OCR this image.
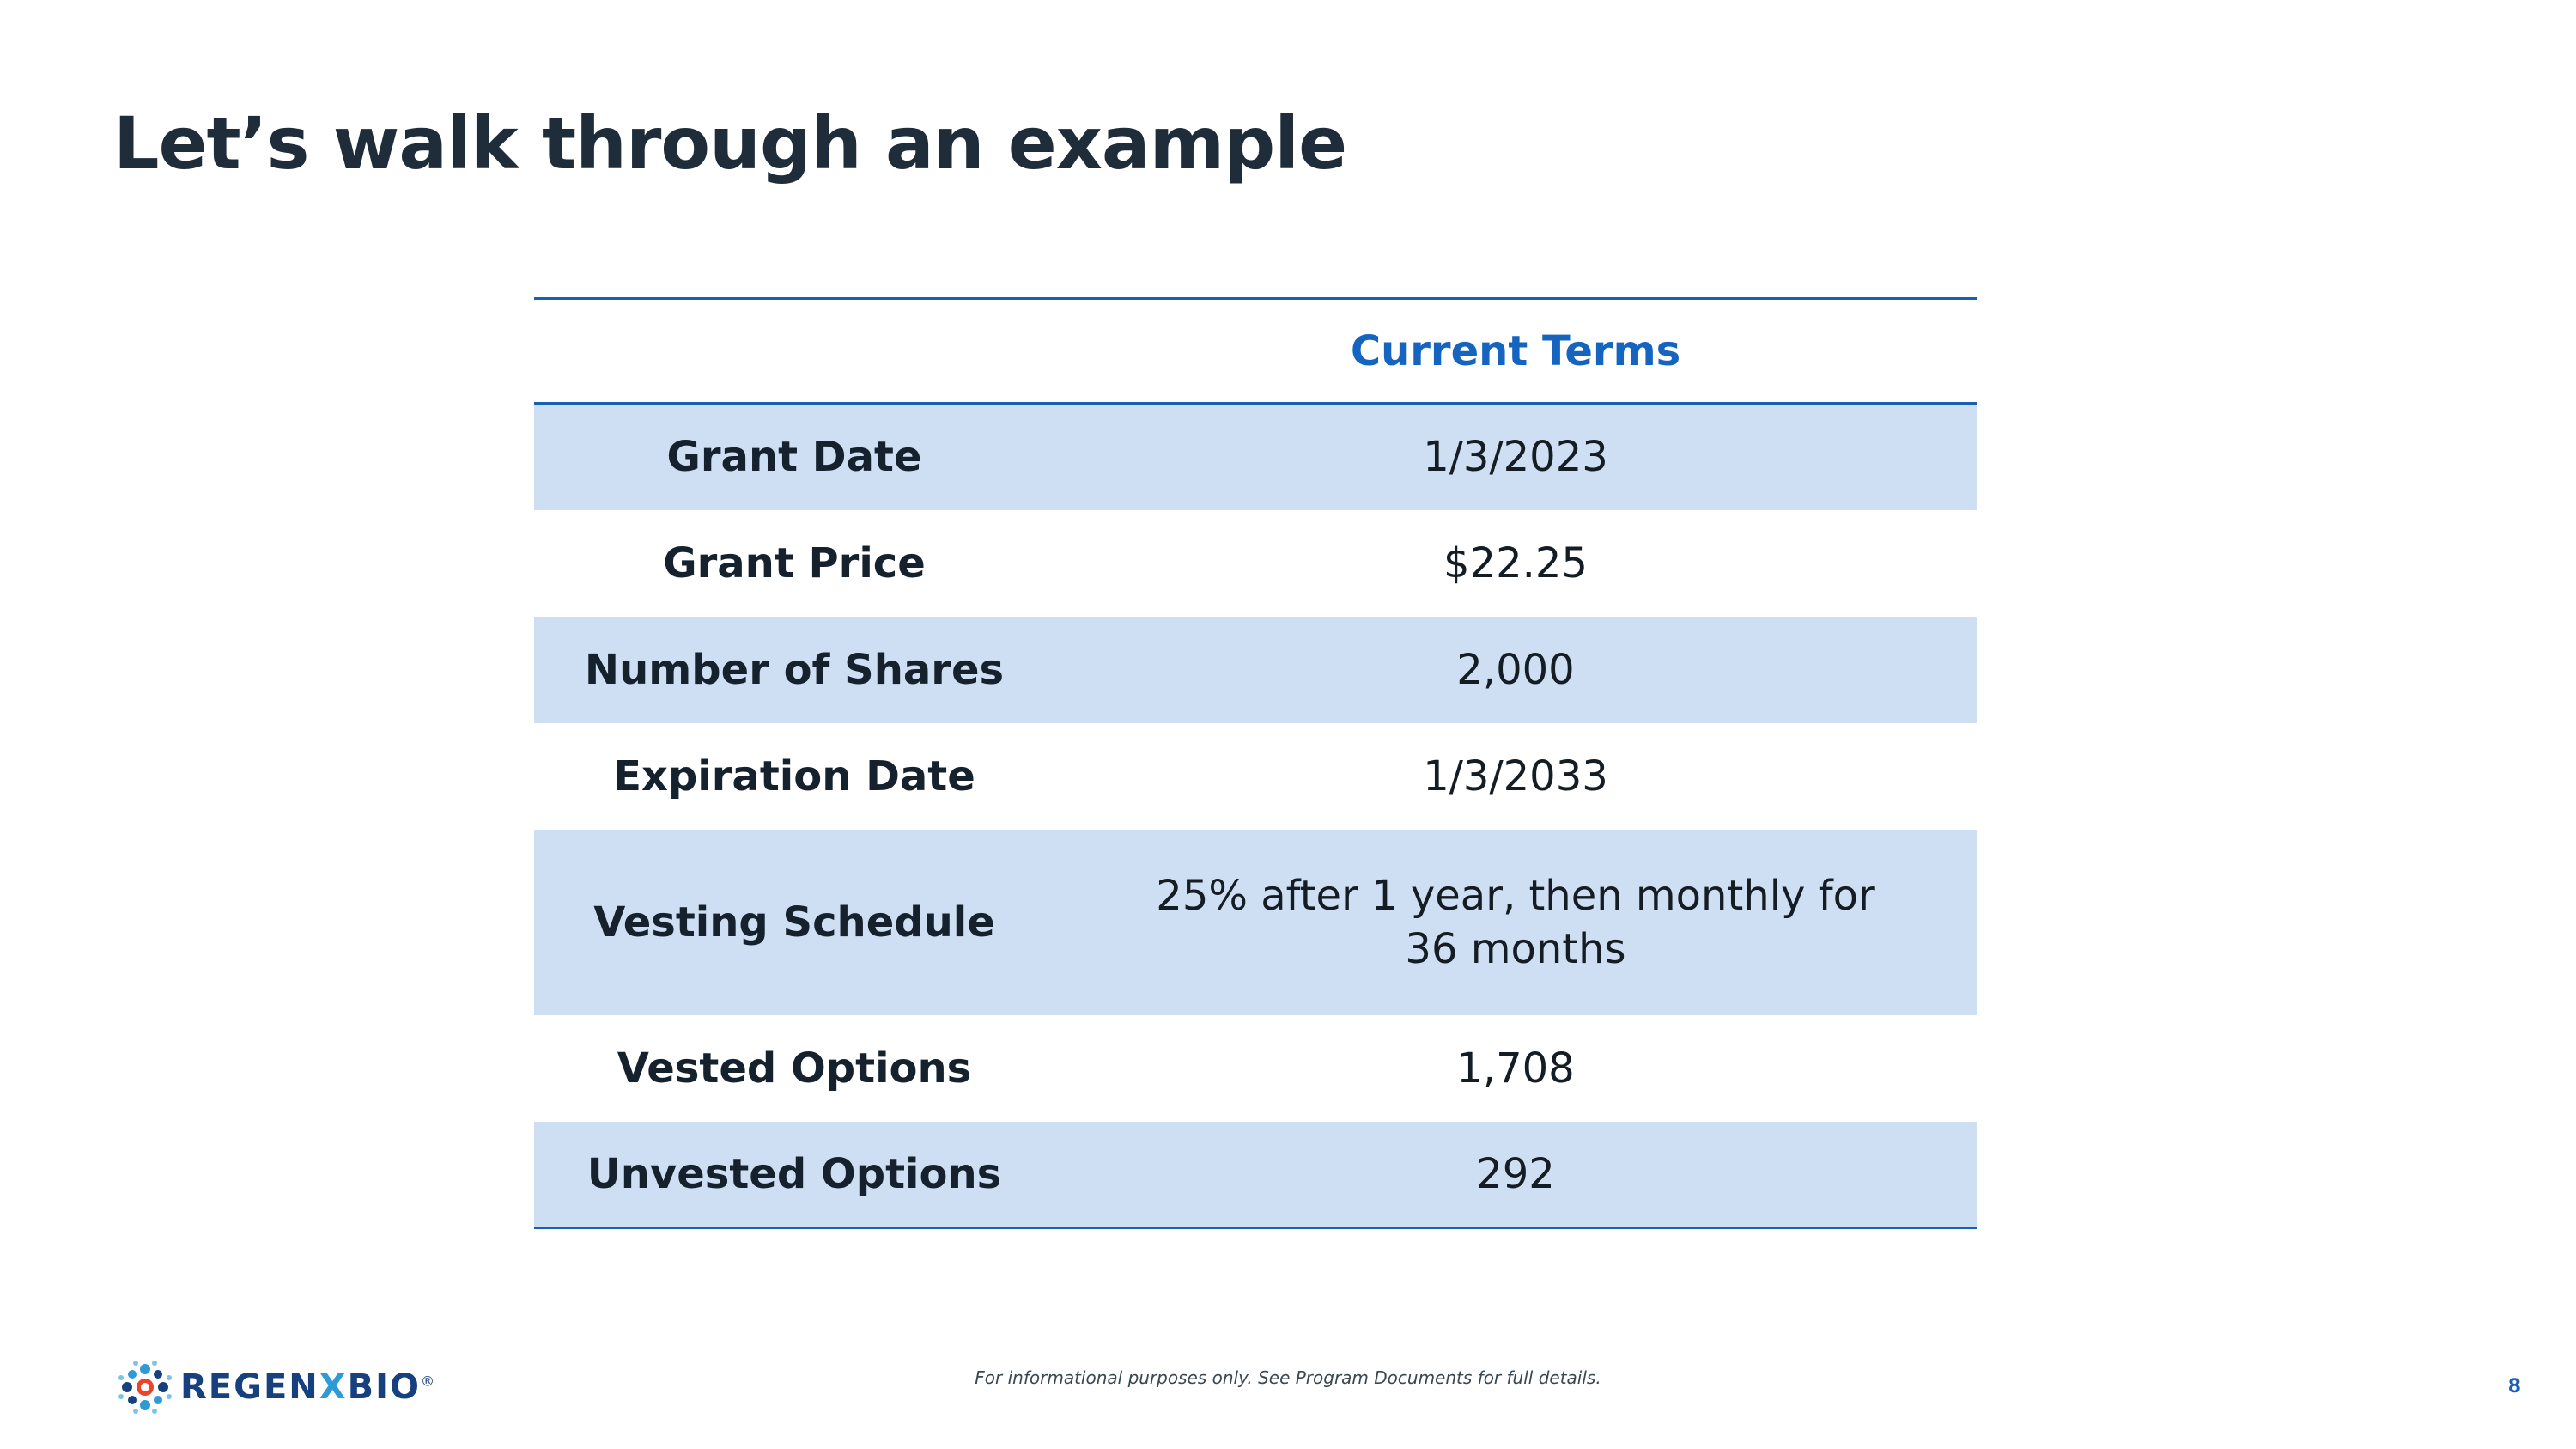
Let’s walk through an example
	Current Terms
Grant Date	1/3/2023
Grant Price	$22.25
Number of Shares	2,000
Expiration Date	1/3/2033
Vesting Schedule	25% after 1 year, then monthly for 36 months
Vested Options	1,708
Unvested Options	292
REGENXBIO®	For informational purposes only. See Program Documents for full details.	8
